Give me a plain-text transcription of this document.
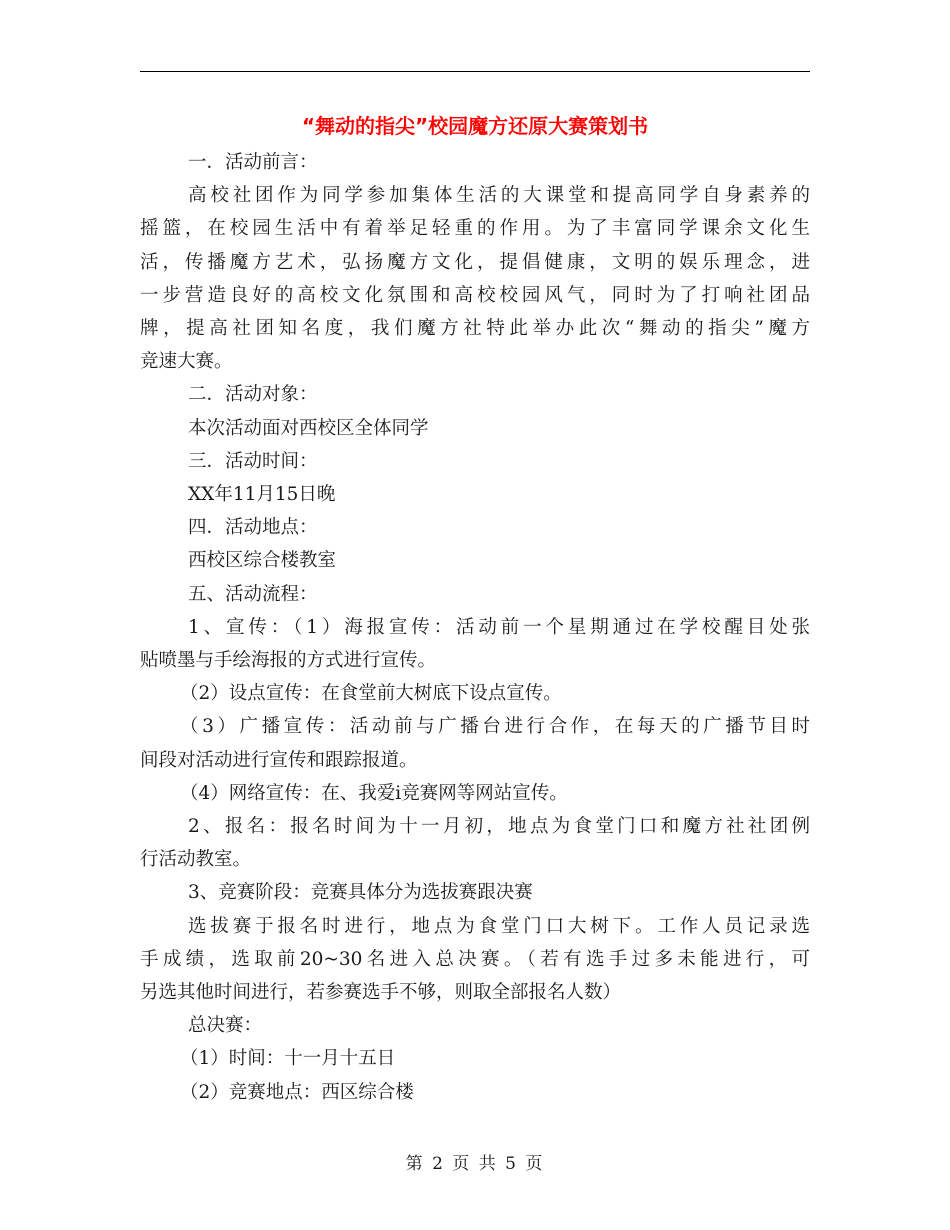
“舞动的指尖”校园魔方还原大赛策划书
一．活动前言：
高校社团作为同学参加集体生活的大课堂和提高同学自身素养的
摇篮，在校园生活中有着举足轻重的作用。为了丰富同学课余文化生
活，传播魔方艺术，弘扬魔方文化，提倡健康，文明的娱乐理念，进
一步营造良好的高校文化氛围和高校校园风气，同时为了打响社团品
牌，提高社团知名度，我们魔方社特此举办此次“舞动的指尖”魔方
竞速大赛。
二．活动对象：
本次活动面对西校区全体同学
三．活动时间：
XX年11月15日晚
四．活动地点：
西校区综合楼教室
五、活动流程：
1、宣传：（1）海报宣传：活动前一个星期通过在学校醒目处张
贴喷墨与手绘海报的方式进行宣传。
（2）设点宣传：在食堂前大树底下设点宣传。
（3）广播宣传：活动前与广播台进行合作，在每天的广播节目时
间段对活动进行宣传和跟踪报道。
（4）网络宣传：在、我爱i竞赛网等网站宣传。
2、报名：报名时间为十一月初，地点为食堂门口和魔方社社团例
行活动教室。
3、竞赛阶段：竞赛具体分为选拔赛跟决赛
选拔赛于报名时进行，地点为食堂门口大树下。工作人员记录选
手成绩，选取前20~30名进入总决赛。（若有选手过多未能进行，可
另选其他时间进行，若参赛选手不够，则取全部报名人数）
总决赛：
（1）时间：十一月十五日
（2）竞赛地点：西区综合楼
第 2 页 共 5 页
